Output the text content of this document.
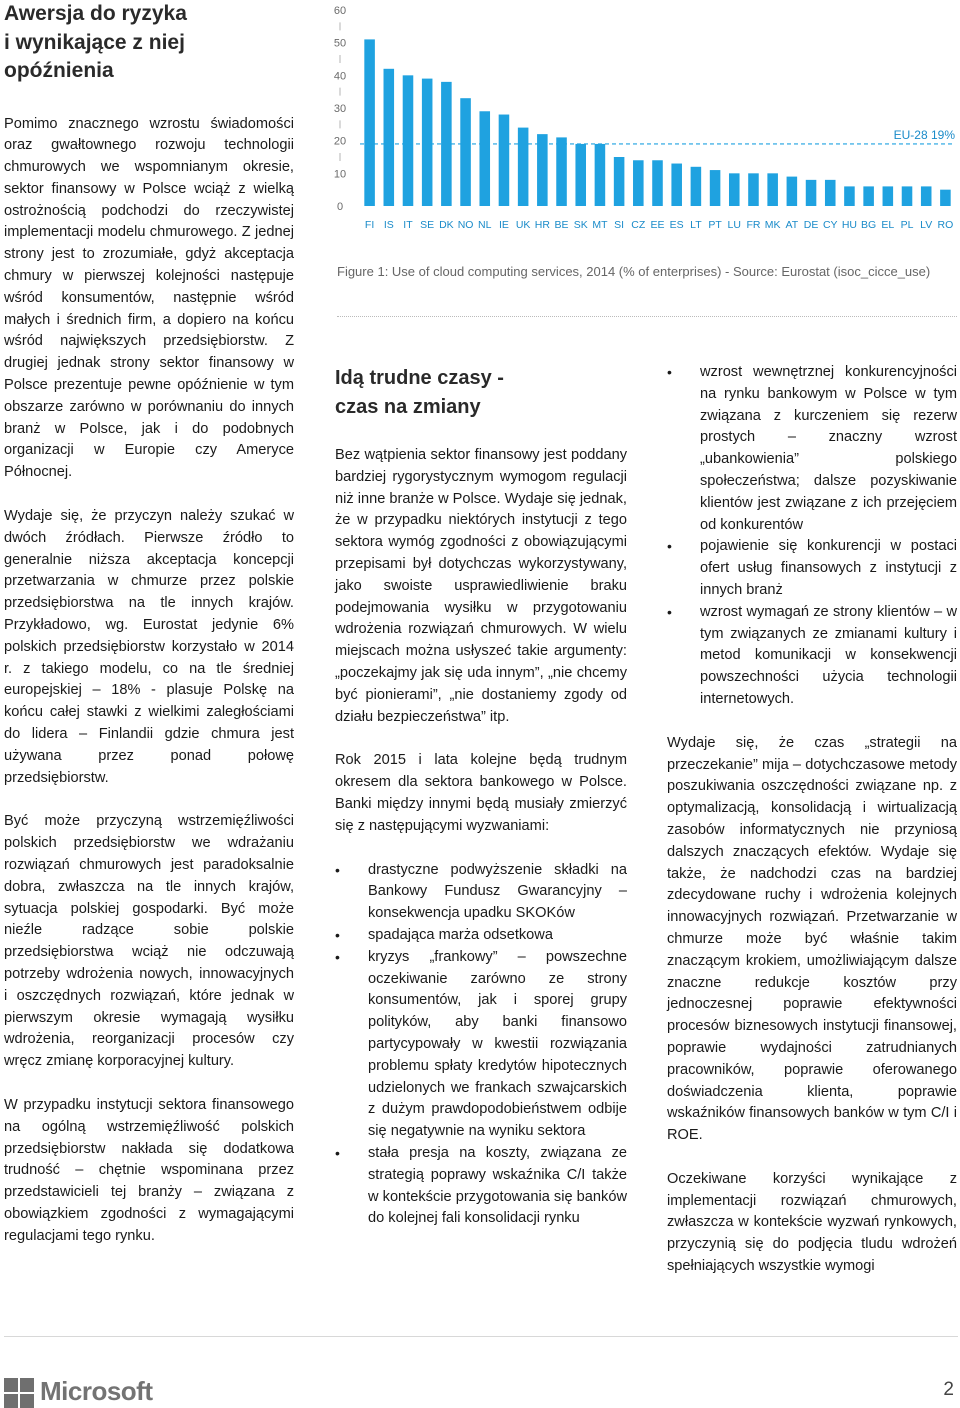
Awersja do ryzyka
i wynikające z niej
opóźnienia

Pomimo znacznego wzrostu świadomości oraz gwałtownego rozwoju technologii chmurowych we wspomnianym okresie, sektor finansowy w Polsce wciąż z wielką ostrożnością podchodzi do rzeczywistej implementacji modelu chmurowego. Z jednej strony jest to zrozumiałe, gdyż akceptacja chmury w pierwszej kolejności następuje wśród konsumentów, następnie wśród małych i średnich firm, a dopiero na końcu wśród największych przedsiębiorstw. Z drugiej jednak strony sektor finansowy w Polsce prezentuje pewne opóźnienie w tym obszarze zarówno w porównaniu do innych branż w Polsce, jak i do podobnych organizacji w Europie czy Ameryce Północnej.

Wydaje się, że przyczyn należy szukać w dwóch źródłach. Pierwsze źródło to generalnie niższa akceptacja koncepcji przetwarzania w chmurze przez polskie przedsiębiorstwa na tle innych krajów. Przykładowo, wg. Eurostat jedynie 6% polskich przedsiębiorstw korzystało w 2014 r. z takiego modelu, co na tle średniej europejskiej – 18% - plasuje Polskę na końcu całej stawki z wielkimi zaległościami do lidera – Finlandii gdzie chmura jest używana przez ponad połowę przedsiębiorstw.

Być może przyczyną wstrzemięźliwości polskich przedsiębiorstw we wdrażaniu rozwiązań chmurowych jest paradoksalnie dobra, zwłaszcza na tle innych krajów, sytuacja polskiej gospodarki. Być może nieźle radzące sobie polskie przedsiębiorstwa wciąż nie odczuwają potrzeby wdrożenia nowych, innowacyjnych i oszczędnych rozwiązań, które jednak w pierwszym okresie wymagają wysiłku wdrożenia, reorganizacji procesów czy wręcz zmianę korporacyjnej kultury.

W przypadku instytucji sektora finansowego na ogólną wstrzemięźliwość polskich przedsiębiorstw nakłada się dodatkowa trudność – chętnie wspominana przez przedstawicieli tej branży – związana z obowiązkiem zgodności z wymagającymi regulacjami tego rynku.

0
10
20
30
40
50
60
EU-28 19%
FI IS IT SE DK NO NL IE UK HR BE SK MT SI CZ EE ES LT PT LU FR MK AT DE CY HU BG EL PL LV RO
Figure 1: Use of cloud computing services, 2014 (% of enterprises) - Source: Eurostat (isoc_cicce_use)
Idą trudne czasy -
czas na zmiany

Bez wątpienia sektor finansowy jest poddany bardziej rygorystycznym wymogom regulacji niż inne branże w Polsce. Wydaje się jednak, że w przypadku niektórych instytucji z tego sektora wymóg zgodności z obowiązującymi przepisami był dotychczas wykorzystywany, jako swoiste usprawiedliwienie braku podejmowania wysiłku w przygotowaniu wdrożenia rozwiązań chmurowych. W wielu miejscach można usłyszeć takie argumenty: „poczekajmy jak się uda innym”, „nie chcemy być pionierami”, „nie dostaniemy zgody od działu bezpieczeństwa” itp.

Rok 2015 i lata kolejne będą trudnym okresem dla sektora bankowego w Polsce. Banki między innymi będą musiały zmierzyć się z następującymi wyzwaniami:

• drastyczne podwyższenie składki na Bankowy Fundusz Gwarancyjny – konsekwencja upadku SKOKów
• spadająca marża odsetkowa
• kryzys „frankowy” – powszechne oczekiwanie zarówno ze strony konsumentów, jak i sporej grupy polityków, aby banki finansowo partycypowały w kwestii rozwiązania problemu spłaty kredytów hipotecznych udzielonych we frankach szwajcarskich z dużym prawdopodobieństwem odbije się negatywnie na wyniku sektora
• stała presja na koszty, związana ze strategią poprawy wskaźnika C/I także w kontekście przygotowania się banków do kolejnej fali konsolidacji rynku
• wzrost wewnętrznej konkurencyjności na rynku bankowym w Polsce w tym związana z kurczeniem się rezerw prostych – znaczny wzrost „ubankowienia” polskiego społeczeństwa; dalsze pozyskiwanie klientów jest związane z ich przejęciem od konkurentów
• pojawienie się konkurencji w postaci ofert usług finansowych z instytucji z innych branż
• wzrost wymagań ze strony klientów – w tym związanych ze zmianami kultury i metod komunikacji w konsekwencji powszechności użycia technologii internetowych.

Wydaje się, że czas „strategii na przeczekanie” mija – dotychczasowe metody poszukiwania oszczędności związane np. z optymalizacją, konsolidacją i wirtualizacją zasobów informatycznych nie przyniosą dalszych znaczących efektów. Wydaje się także, że nadchodzi czas na bardziej zdecydowane ruchy i wdrożenia kolejnych innowacyjnych rozwiązań. Przetwarzanie w chmurze może być właśnie takim znaczącym krokiem, umożliwiającym dalsze znaczne redukcje kosztów przy jednoczesnej poprawie efektywności procesów biznesowych instytucji finansowej, poprawie wydajności zatrudnianych pracowników, poprawie oferowanego doświadczenia klienta, poprawie wskaźników finansowych banków w tym C/I i ROE.

Oczekiwane korzyści wynikające z implementacji rozwiązań chmurowych, zwłaszcza w kontekście wyzwań rynkowych, przyczynią się do podjęcia tludu wdrożeń spełniających wszystkie wymogi

Microsoft	2
